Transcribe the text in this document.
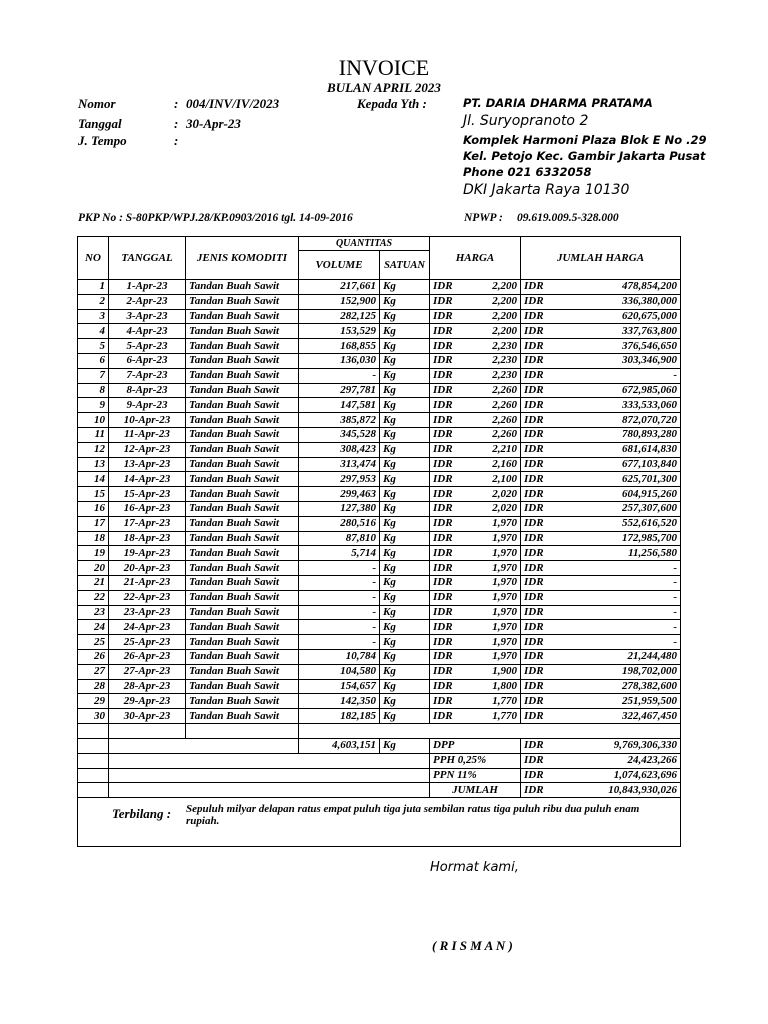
INVOICE
BULAN APRIL 2023
Nomor	: 004/INV/IV/2023	Kepada Yth :
Tanggal	: 30-Apr-23
J. Tempo	:
PT. DARIA DHARMA PRATAMA
Jl. Suryopranoto 2
Komplek Harmoni Plaza Blok E No .29
Kel. Petojo Kec. Gambir Jakarta Pusat
Phone 021 6332058
DKI Jakarta Raya 10130
PKP No : S-80PKP/WPJ.28/KP.0903/2016 tgl. 14-09-2016	NPWP : 09.619.009.5-328.000
NO	TANGGAL	JENIS KOMODITI	QUANTITAS		HARGA		JUMLAH HARGA	
			VOLUME	SATUAN				
1	1-Apr-23	Tandan Buah Sawit	217,661	Kg	IDR	2,200	IDR	478,854,200
2	2-Apr-23	Tandan Buah Sawit	152,900	Kg	IDR	2,200	IDR	336,380,000
3	3-Apr-23	Tandan Buah Sawit	282,125	Kg	IDR	2,200	IDR	620,675,000
4	4-Apr-23	Tandan Buah Sawit	153,529	Kg	IDR	2,200	IDR	337,763,800
5	5-Apr-23	Tandan Buah Sawit	168,855	Kg	IDR	2,230	IDR	376,546,650
6	6-Apr-23	Tandan Buah Sawit	136,030	Kg	IDR	2,230	IDR	303,346,900
7	7-Apr-23	Tandan Buah Sawit	-	Kg	IDR	2,230	IDR	-
8	8-Apr-23	Tandan Buah Sawit	297,781	Kg	IDR	2,260	IDR	672,985,060
9	9-Apr-23	Tandan Buah Sawit	147,581	Kg	IDR	2,260	IDR	333,533,060
10	10-Apr-23	Tandan Buah Sawit	385,872	Kg	IDR	2,260	IDR	872,070,720
11	11-Apr-23	Tandan Buah Sawit	345,528	Kg	IDR	2,260	IDR	780,893,280
12	12-Apr-23	Tandan Buah Sawit	308,423	Kg	IDR	2,210	IDR	681,614,830
13	13-Apr-23	Tandan Buah Sawit	313,474	Kg	IDR	2,160	IDR	677,103,840
14	14-Apr-23	Tandan Buah Sawit	297,953	Kg	IDR	2,100	IDR	625,701,300
15	15-Apr-23	Tandan Buah Sawit	299,463	Kg	IDR	2,020	IDR	604,915,260
16	16-Apr-23	Tandan Buah Sawit	127,380	Kg	IDR	2,020	IDR	257,307,600
17	17-Apr-23	Tandan Buah Sawit	280,516	Kg	IDR	1,970	IDR	552,616,520
18	18-Apr-23	Tandan Buah Sawit	87,810	Kg	IDR	1,970	IDR	172,985,700
19	19-Apr-23	Tandan Buah Sawit	5,714	Kg	IDR	1,970	IDR	11,256,580
20	20-Apr-23	Tandan Buah Sawit	-	Kg	IDR	1,970	IDR	-
21	21-Apr-23	Tandan Buah Sawit	-	Kg	IDR	1,970	IDR	-
22	22-Apr-23	Tandan Buah Sawit	-	Kg	IDR	1,970	IDR	-
23	23-Apr-23	Tandan Buah Sawit	-	Kg	IDR	1,970	IDR	-
24	24-Apr-23	Tandan Buah Sawit	-	Kg	IDR	1,970	IDR	-
25	25-Apr-23	Tandan Buah Sawit	-	Kg	IDR	1,970	IDR	-
26	26-Apr-23	Tandan Buah Sawit	10,784	Kg	IDR	1,970	IDR	21,244,480
27	27-Apr-23	Tandan Buah Sawit	104,580	Kg	IDR	1,900	IDR	198,702,000
28	28-Apr-23	Tandan Buah Sawit	154,657	Kg	IDR	1,800	IDR	278,382,600
29	29-Apr-23	Tandan Buah Sawit	142,350	Kg	IDR	1,770	IDR	251,959,500
30	30-Apr-23	Tandan Buah Sawit	182,185	Kg	IDR	1,770	IDR	322,467,450

			4,603,151	Kg	DPP		IDR	9,769,306,330
					PPH 0,25%		IDR	24,423,266
					PPN 11%		IDR	1,074,623,696
					JUMLAH		IDR	10,843,930,026

Terbilang : Sepuluh milyar delapan ratus empat puluh tiga juta sembilan ratus tiga puluh ribu dua puluh enam rupiah.								
Hormat kami,
( R I S M A N )
